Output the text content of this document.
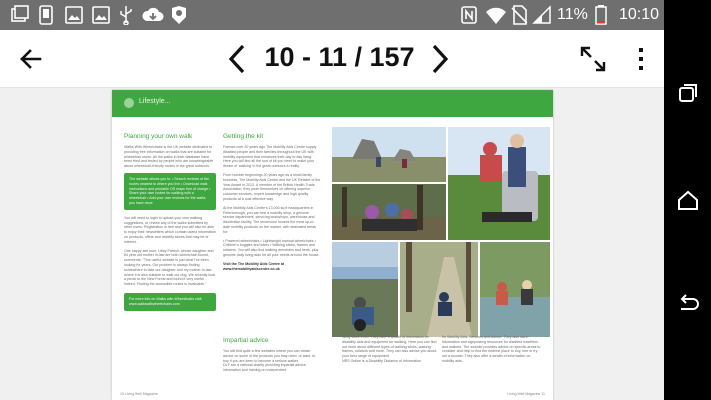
11% 10:10
10 - 11 / 157
Lifestyle...
Planning your own walk

Walks With Wheelchairs is the UK website dedicated to providing free information on walks that are suitable for wheelchair users. All the walks in their database have been tried and tested by people who are knowledgeable about wheelchair-friendly routes in the great outdoors.

The website allows you to: • Search reviews of the routes nearest to where you live • Download walk instructions and printable OS maps free of charge • Share your own routes for walking with a wheelchair • Add your own reviews for the walks you have done

You will need to login to upload your own walking suggestions, or review any of the walks submitted by other users. Registration is free and you will also be able to enjoy their newsletters which contain useful information on products, offers and mobility stores that may be of interest.

One happy site user, Libby Parrish, whose daughter and 84 year old mother in-law are both wheelchair-bound, comments: "This useful website is just what I've been looking for years. Our problem is always finding somewhere to take our daughter and my mother-in-law where it is also suitable to walk our dog. We recently took a picnic to the New Forest and found it very useful indeed. Finding the accessible routes is invaluable."

For more info on Walks with Wheelchairs visit: www.walkswithwheelchairs.com
Getting the kit

Formed over 20 years ago The Mobility Aids Centre supply disabled people and their families throughout the UK with mobility equipment that enhances their day to day living. Here you will find all the sort of kit you need to make your dream of 'walking' in the great outdoors a reality.

From humble beginnings 20 years ago as a small family business, The Mobility Aids Centre and the UK Retailer of the Year Award in 2012. A member of the British Health Trade Association, they pride themselves on offering superior customer services, expert knowledge and high quality products at a cost effective way.

At the Mobility Aids Centre's 13,000 sq ft headquarters in Peterborough, you can test a mobility shop, a genuine service department, servicing workshops, warehouse and distribution facility. The showroom houses the most up-to-date mobility products on the market, with dedicated areas for:

• Powered wheelchairs • Lightweight manual wheelchairs • Children's buggies and trikes • Walking sticks, frames and rollators. You will also find walking armchairs and beds, plus genuine daily living aids for all your needs around the house.

Visit the The Mobility Aids Centre at www.themobilityaidscentre.co.uk

Impartial advice

You will find quite a few websites where you can obtain advice on some of the products you may need, or want, to buy if you are keen to become a serious walker.

DLF are a national charity providing impartial advice, information and training on independent

living since 1969. They offer a wealth of information on disability aids and equipment for walking. Here you can find out more about different types of walking sticks, walking frames, rollators and more. They can also advise you about your best range of equipment.

NRS Online is a Disability Distance of Information

for Mobility Aids, Services and Advice. They also have information and signposting resources for disabled travellers and walkers. The website provides advice on specific areas to consider and help to find the nearest place to buy, hire or try out a scooter. They also offer a wealth of information on mobility aids.

10 Living Well Magazine	Living Well Magazine 11
